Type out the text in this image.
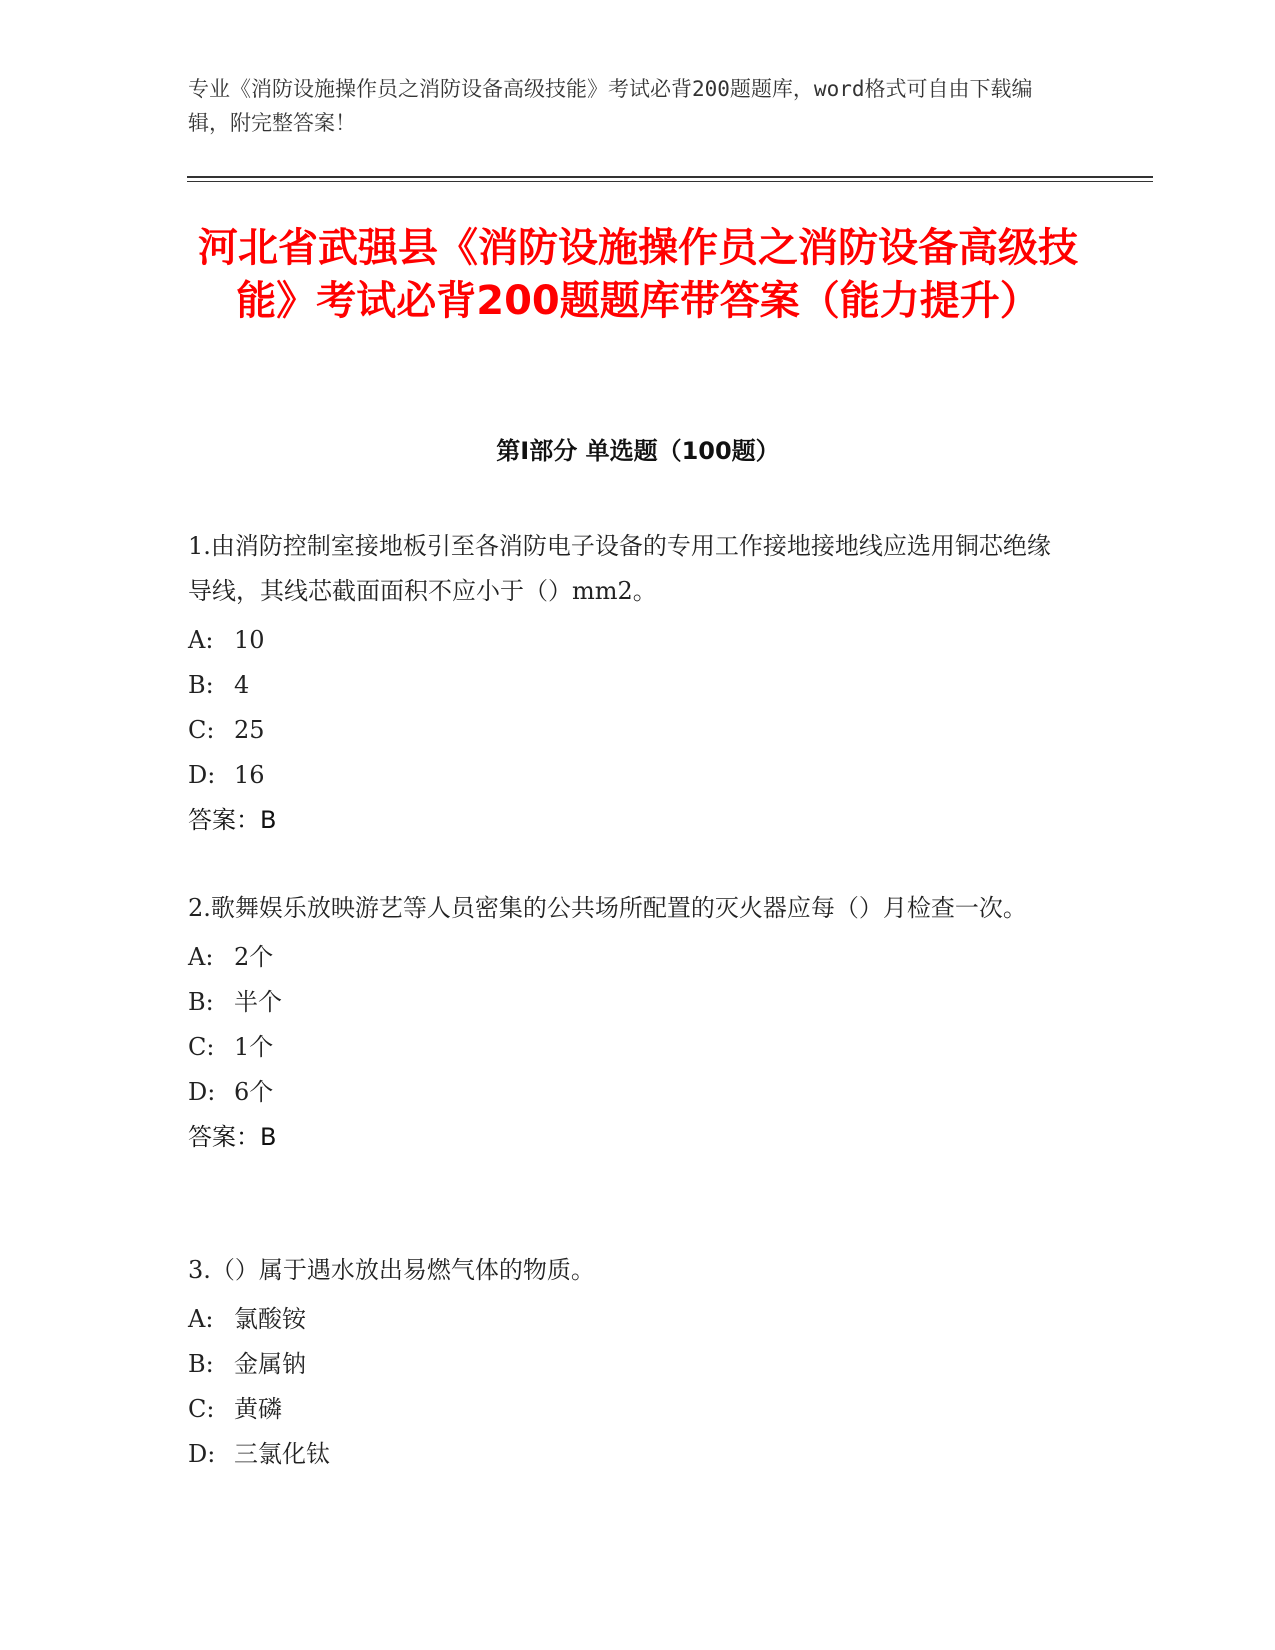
专业《消防设施操作员之消防设备高级技能》考试必背200题题库，word格式可自由下载编辑，附完整答案！
河北省武强县《消防设施操作员之消防设备高级技能》考试必背200题题库带答案（能力提升）
第Ⅰ部分 单选题（100题）

1.由消防控制室接地板引至各消防电子设备的专用工作接地接地线应选用铜芯绝缘导线，其线芯截面面积不应小于（）mm2。

A: 10
B: 4
C: 25
D: 16
答案：B

2.歌舞娱乐放映游艺等人员密集的公共场所配置的灭火器应每（）月检查一次。

A: 2个
B: 半个
C: 1个
D: 6个
答案：B

3.（）属于遇水放出易燃气体的物质。

A: 氯酸铵
B: 金属钠
C: 黄磷
D: 三氯化钛
